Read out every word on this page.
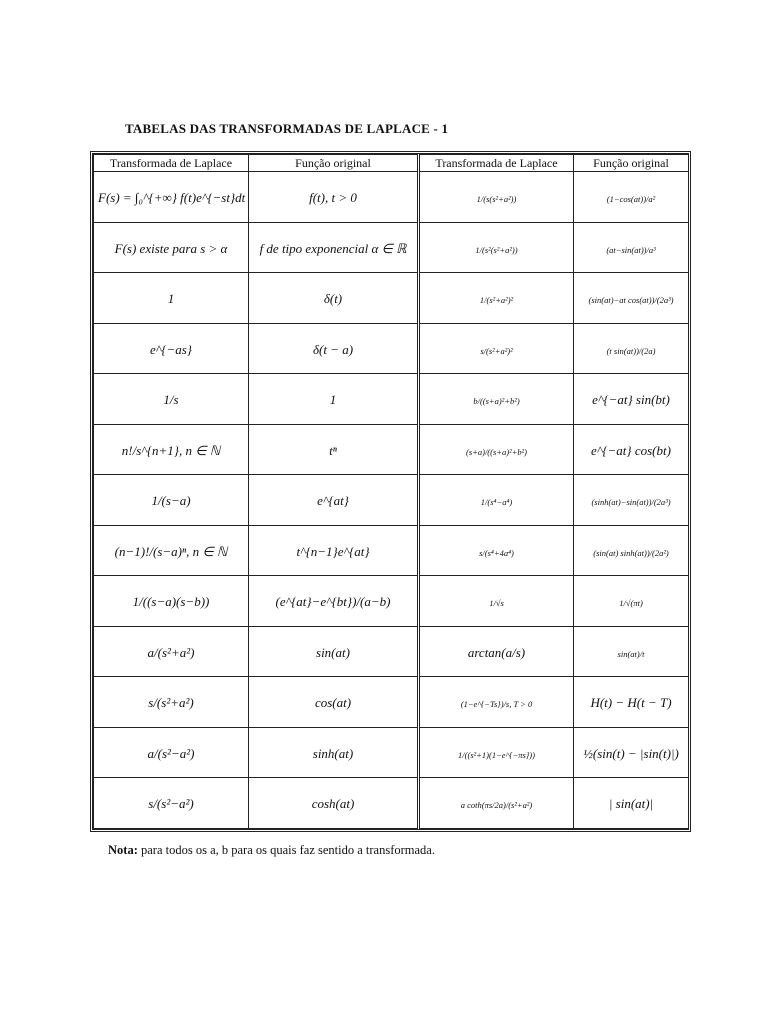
TABELAS DAS TRANSFORMADAS DE LAPLACE - 1
Transformada de Laplace	Função original	Transformada de Laplace	Função original
F(s) = ∫₀^{+∞} f(t)e^{−st}dt	f(t), t > 0	1/(s(s²+a²))	(1−cos(at))/a²
F(s) existe para s > α	f de tipo exponencial α ∈ ℝ	1/(s²(s²+a²))	(at−sin(at))/a³
1	δ(t)	1/(s²+a²)²	(sin(at)−at cos(at))/(2a³)
e^{−as}	δ(t − a)	s/(s²+a²)²	(t sin(at))/(2a)
1/s	1	b/((s+a)²+b²)	e^{−at} sin(bt)
n!/s^{n+1}, n ∈ ℕ	tⁿ	(s+a)/((s+a)²+b²)	e^{−at} cos(bt)
1/(s−a)	e^{at}	1/(s⁴−a⁴)	(sinh(at)−sin(at))/(2a³)
(n−1)!/(s−a)ⁿ, n ∈ ℕ	t^{n−1}e^{at}	s/(s⁴+4a⁴)	(sin(at) sinh(at))/(2a²)
1/((s−a)(s−b))	(e^{at}−e^{bt})/(a−b)	1/√s	1/√(πt)
a/(s²+a²)	sin(at)	arctan(a/s)	sin(at)/t
s/(s²+a²)	cos(at)	(1−e^{−Ts})/s, T > 0	H(t) − H(t − T)
a/(s²−a²)	sinh(at)	1/((s²+1)(1−e^{−πs}))	½(sin(t) − |sin(t)|)
s/(s²−a²)	cosh(at)	a coth(πs/2a)/(s²+a²)	| sin(at)|
Nota: para todos os a, b para os quais faz sentido a transformada.
